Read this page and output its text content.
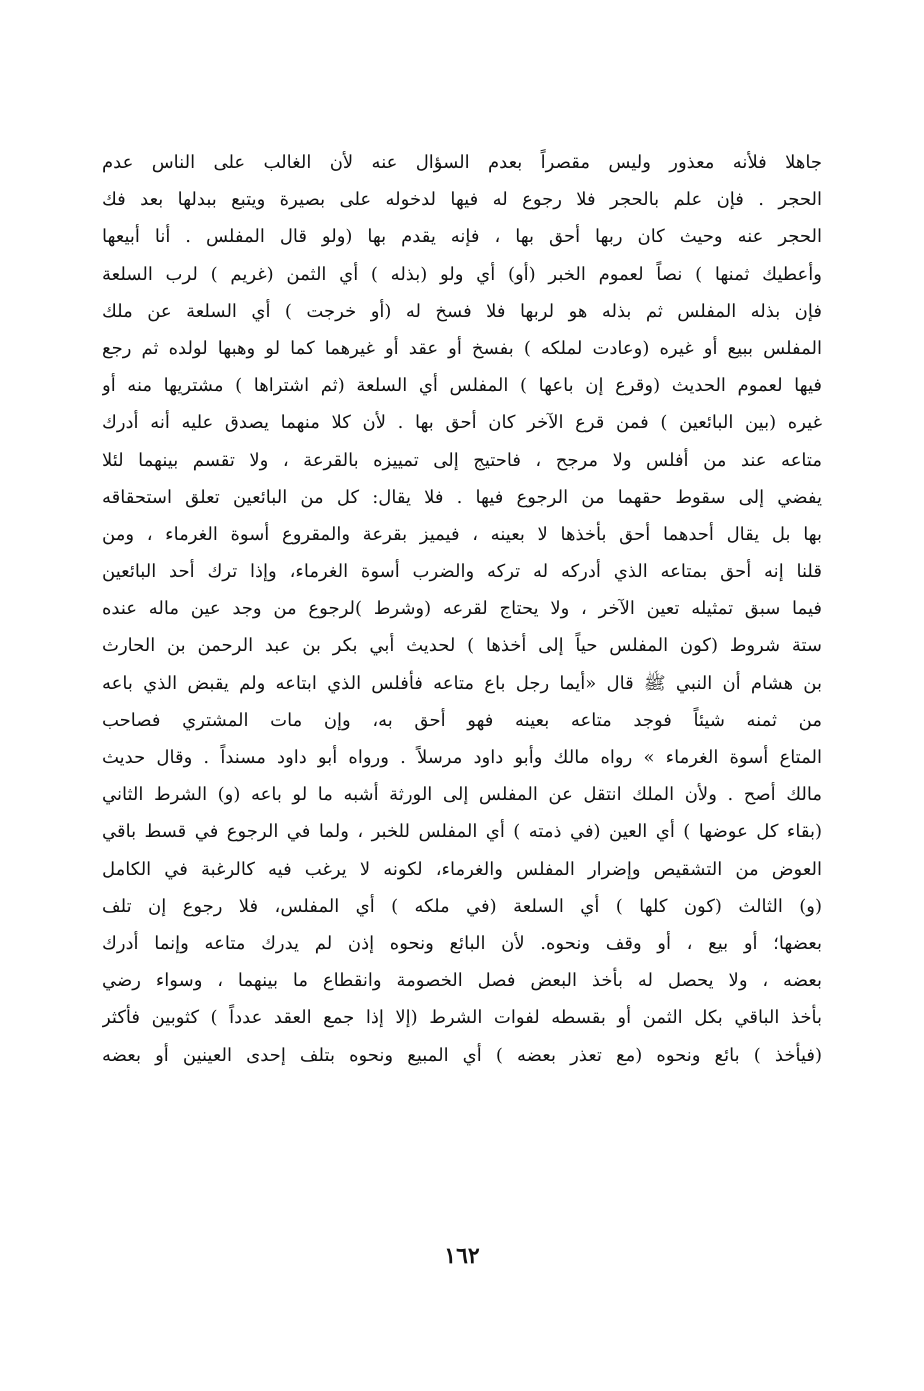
جاهلا فلأنه معذور وليس مقصراً بعدم السؤال عنه لأن الغالب على الناس عدم
الحجر . فإن علم بالحجر فلا رجوع له فيها لدخوله على بصيرة ويتبع ببدلها بعد فك
الحجر عنه وحيث كان ربها أحق بها ، فإنه يقدم بها (ولو قال المفلس . أنا أبيعها
وأعطيك ثمنها ) نصاً لعموم الخبر (أو) أي ولو (بذله ) أي الثمن (غريم ) لرب السلعة
فإن بذله المفلس ثم بذله هو لربها فلا فسخ له (أو خرجت ) أي السلعة عن ملك
المفلس ببيع أو غيره (وعادت لملكه ) بفسخ أو عقد أو غيرهما كما لو وهبها لولده ثم رجع
فيها لعموم الحديث (وقرع إن باعها ) المفلس أي السلعة (ثم اشتراها ) مشتريها منه أو
غيره (بين البائعين ) فمن قرع الآخر كان أحق بها . لأن كلا منهما يصدق عليه أنه أدرك
متاعه عند من أفلس ولا مرجح ، فاحتيج إلى تمييزه بالقرعة ، ولا تقسم بينهما لئلا
يفضي إلى سقوط حقهما من الرجوع فيها . فلا يقال: كل من البائعين تعلق استحقاقه
بها بل يقال أحدهما أحق بأخذها لا بعينه ، فيميز بقرعة والمقروع أسوة الغرماء ، ومن
قلنا إنه أحق بمتاعه الذي أدركه له تركه والضرب أسوة الغرماء، وإذا ترك أحد البائعين
فيما سبق تمثيله تعين الآخر ، ولا يحتاج لقرعه (وشرط )لرجوع من وجد عين ماله عنده
ستة شروط (كون المفلس حياً إلى أخذها ) لحديث أبي بكر بن عبد الرحمن بن الحارث
بن هشام أن النبي ﷺ قال «أيما رجل باع متاعه فأفلس الذي ابتاعه ولم يقبض الذي باعه
من ثمنه شيئاً فوجد متاعه بعينه فهو أحق به، وإن مات المشتري فصاحب
المتاع أسوة الغرماء » رواه مالك وأبو داود مرسلاً . ورواه أبو داود مسنداً . وقال حديث
مالك أصح . ولأن الملك انتقل عن المفلس إلى الورثة أشبه ما لو باعه (و) الشرط الثاني
(بقاء كل عوضها ) أي العين (في ذمته ) أي المفلس للخبر ، ولما في الرجوع في قسط باقي
العوض من التشقيص وإضرار المفلس والغرماء، لكونه لا يرغب فيه كالرغبة في الكامل
(و) الثالث (كون كلها ) أي السلعة (في ملكه ) أي المفلس، فلا رجوع إن تلف
بعضها؛ أو بيع ، أو وقف ونحوه. لأن البائع ونحوه إذن لم يدرك متاعه وإنما أدرك
بعضه ، ولا يحصل له بأخذ البعض فصل الخصومة وانقطاع ما بينهما ، وسواء رضي
بأخذ الباقي بكل الثمن أو بقسطه لفوات الشرط (إلا إذا جمع العقد عدداً ) كثوبين فأكثر
(فيأخذ ) بائع ونحوه (مع تعذر بعضه ) أي المبيع ونحوه بتلف إحدى العينين أو بعضه
١٦٢
